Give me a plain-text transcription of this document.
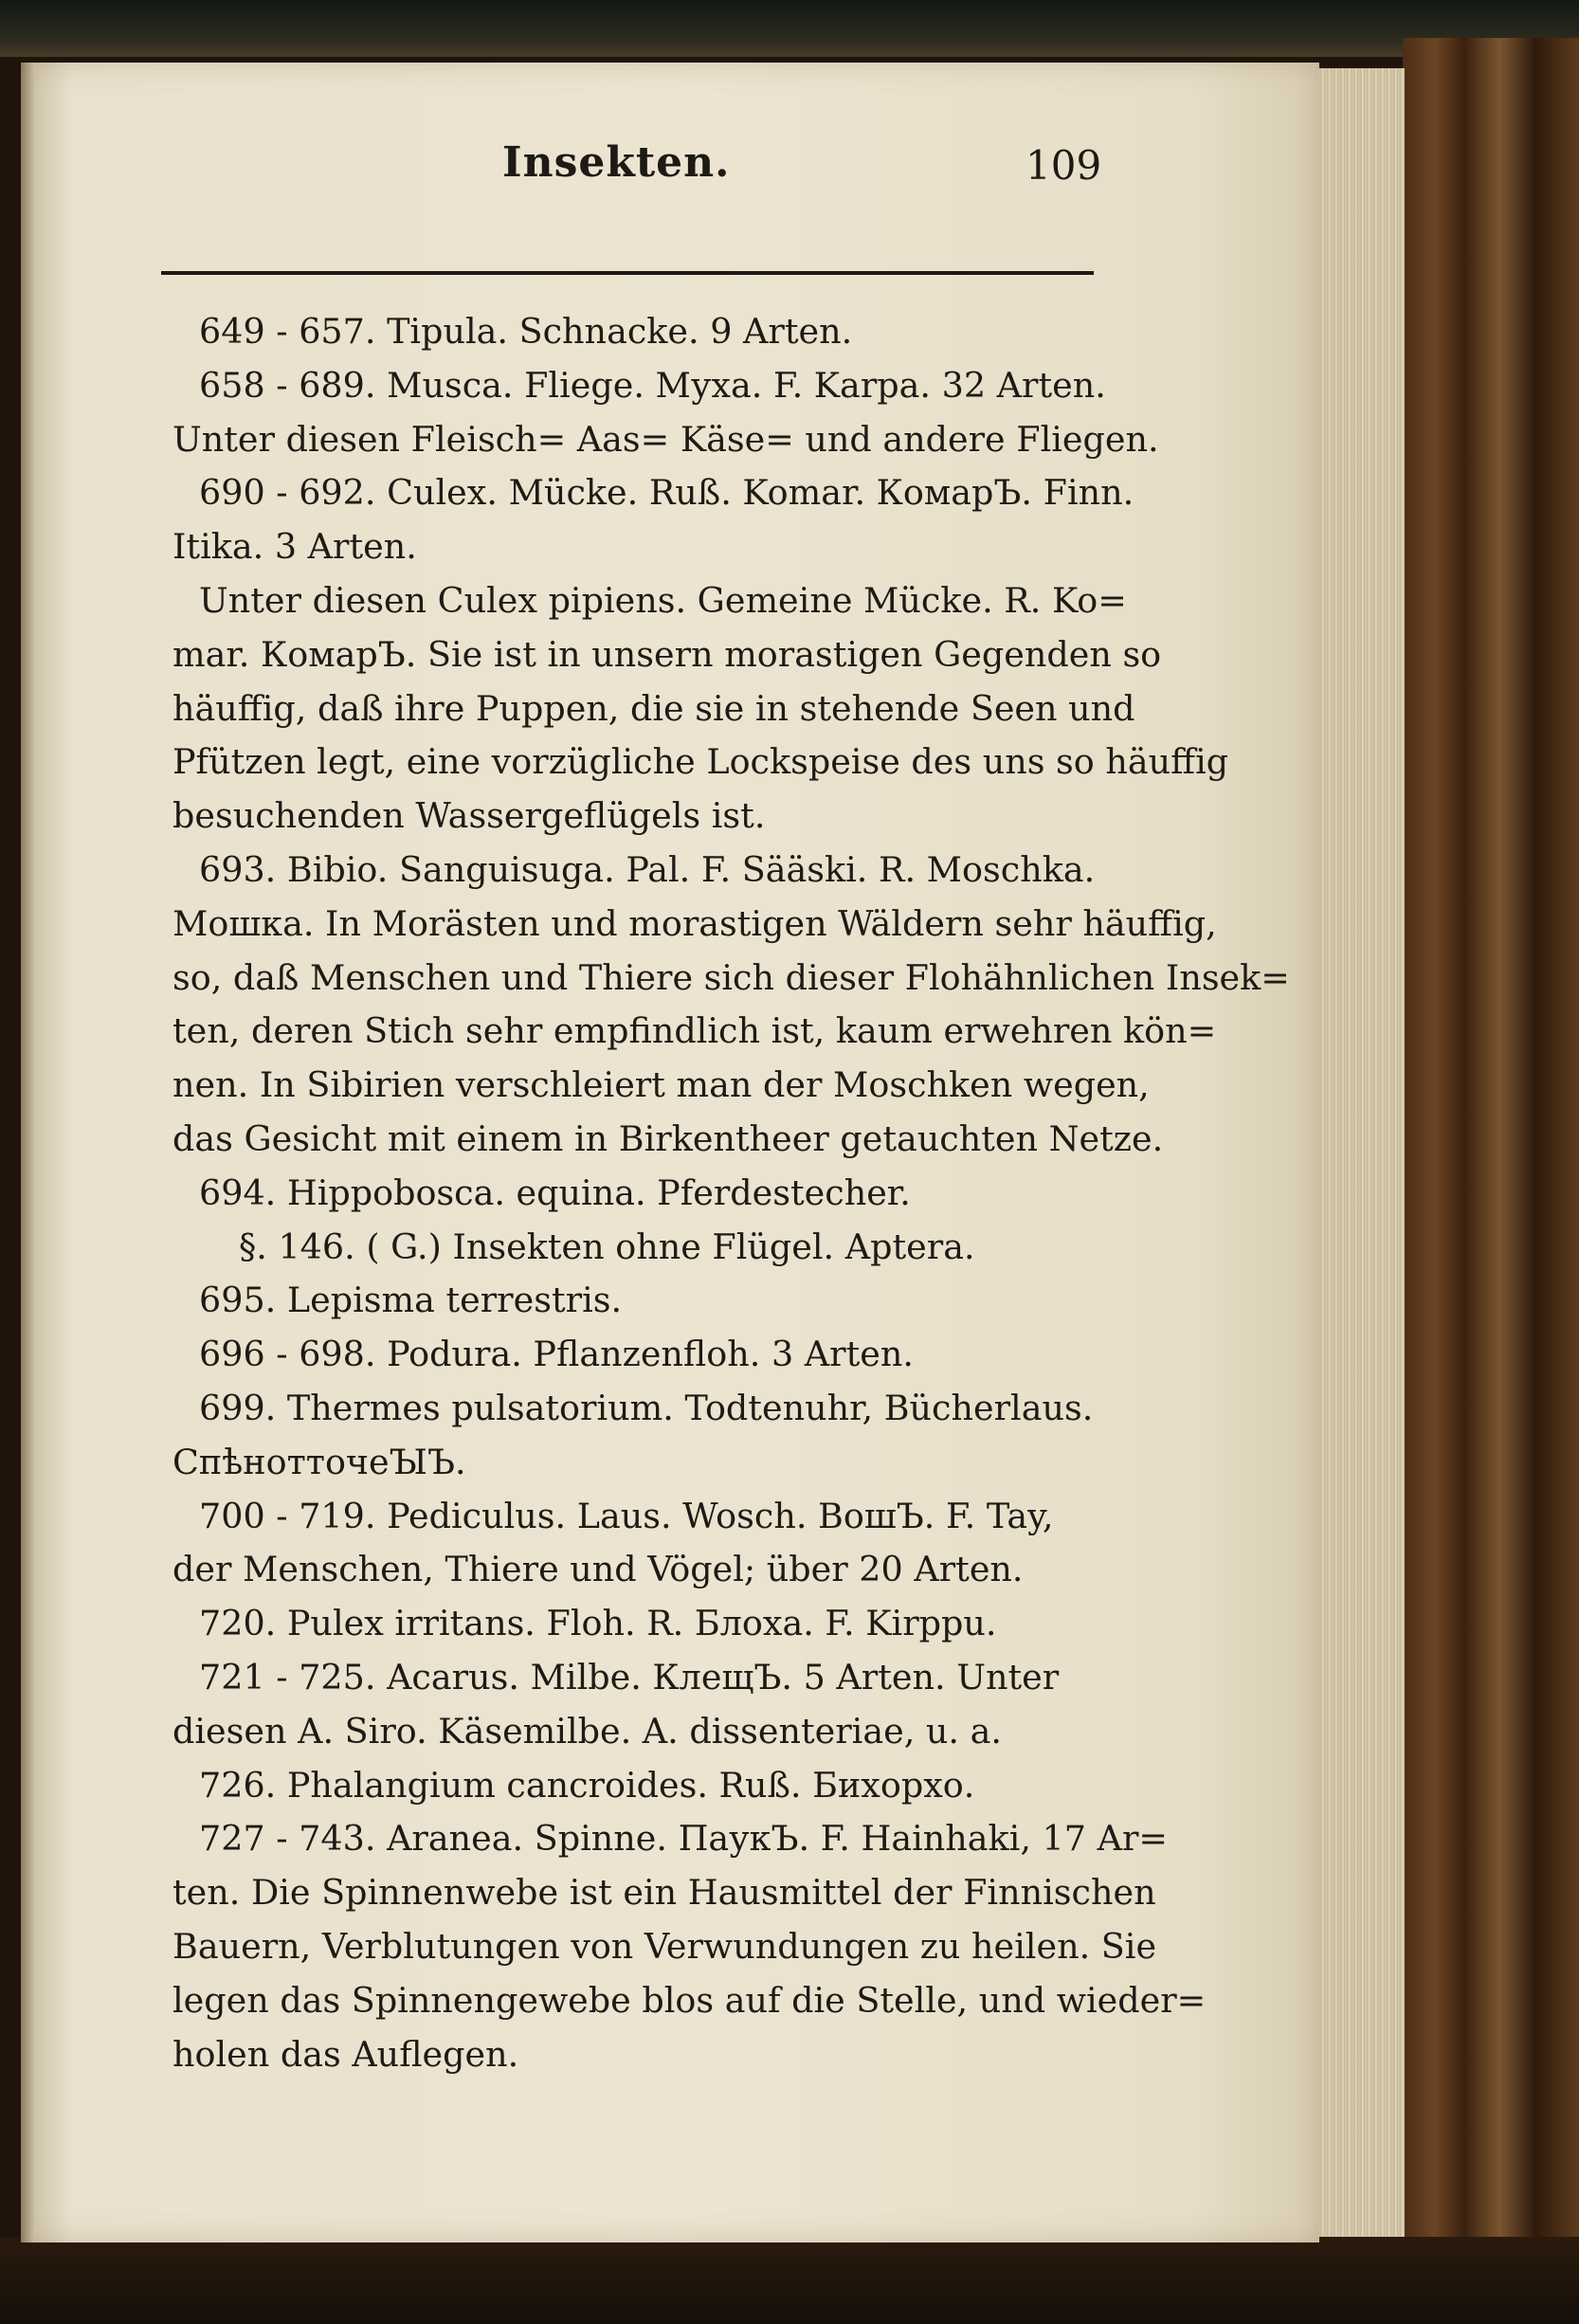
Insekten.	109
649 - 657. Tipula. Schnacke. 9 Arten.
658 - 689. Musca. Fliege. Муха. F. Karpa. 32 Arten.
Unter diesen Fleisch= Aas= Käse= und andere Fliegen.
690 - 692. Culex. Mücke. Ruß. Komar. КомарЪ. Finn.
Itika. 3 Arten.
Unter diesen Culex pipiens. Gemeine Mücke. R. Ko=
mar. КомарЪ. Sie ist in unsern morastigen Gegenden so
häuffig, daß ihre Puppen, die sie in stehende Seen und
Pfützen legt, eine vorzügliche Lockspeise des uns so häuffig
besuchenden Wassergeflügels ist.
693. Bibio. Sanguisuga. Pal. F. Sääski. R. Moschka.
Мошка. In Morästen und morastigen Wäldern sehr häuffig,
so, daß Menschen und Thiere sich dieser Flohähnlichen Insek=
ten, deren Stich sehr empfindlich ist, kaum erwehren kön=
nen. In Sibirien verschleiert man der Moschken wegen,
das Gesicht mit einem in Birkentheer getauchten Netze.
694. Hippobosca. equina. Pferdestecher.
§. 146. ( G.) Insekten ohne Flügel. Aptera.
695. Lepisma terrestris.
696 - 698. Podura. Pflanzenfloh. 3 Arten.
699. Thermes pulsatorium. Todtenuhr, Bücherlaus.
СпѣнотточеꙐЪ.
700 - 719. Pediculus. Laus. Wosch. ВошЪ. F. Tay,
der Menschen, Thiere und Vögel; über 20 Arten.
720. Pulex irritans. Floh. R. Блоха. F. Kirppu.
721 - 725. Acarus. Milbe. КлещЪ. 5 Arten. Unter
diesen A. Siro. Käsemilbe. A. dissenteriae, u. a.
726. Phalangium cancroides. Ruß. Бихорхо.
727 - 743. Aranea. Spinne. ПаукЪ. F. Hainhaki, 17 Ar=
ten. Die Spinnenwebe ist ein Hausmittel der Finnischen
Bauern, Verblutungen von Verwundungen zu heilen. Sie
legen das Spinnengewebe blos auf die Stelle, und wieder=
holen das Auflegen.
